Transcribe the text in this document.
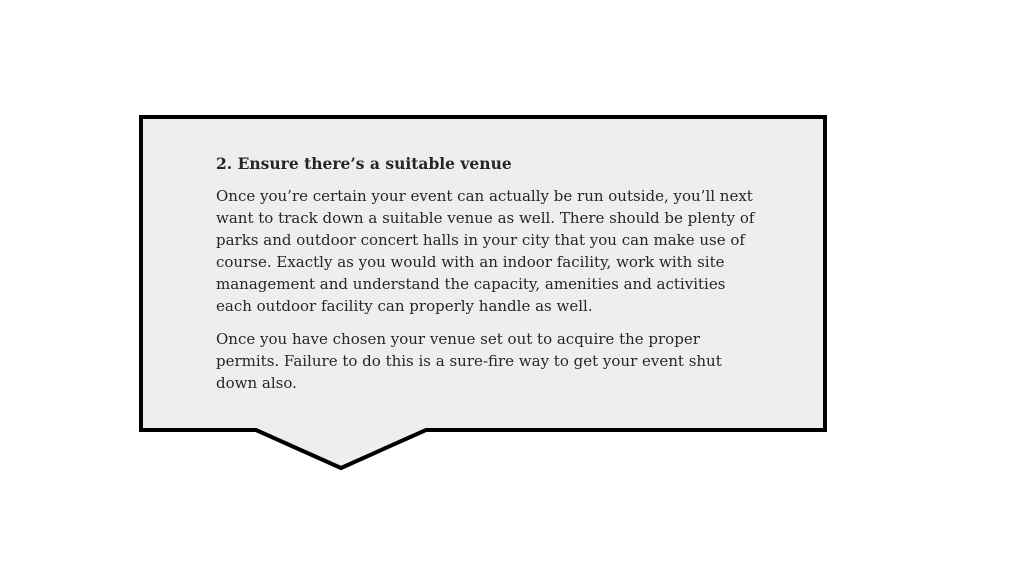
2. Ensure there’s a suitable venue

Once you’re certain your event can actually be run outside, you’ll next want to track down a suitable venue as well. There should be plenty of parks and outdoor concert halls in your city that you can make use of course. Exactly as you would with an indoor facility, work with site management and understand the capacity, amenities and activities each outdoor facility can properly handle as well.

Once you have chosen your venue set out to acquire the proper permits. Failure to do this is a sure-fire way to get your event shut down also.
